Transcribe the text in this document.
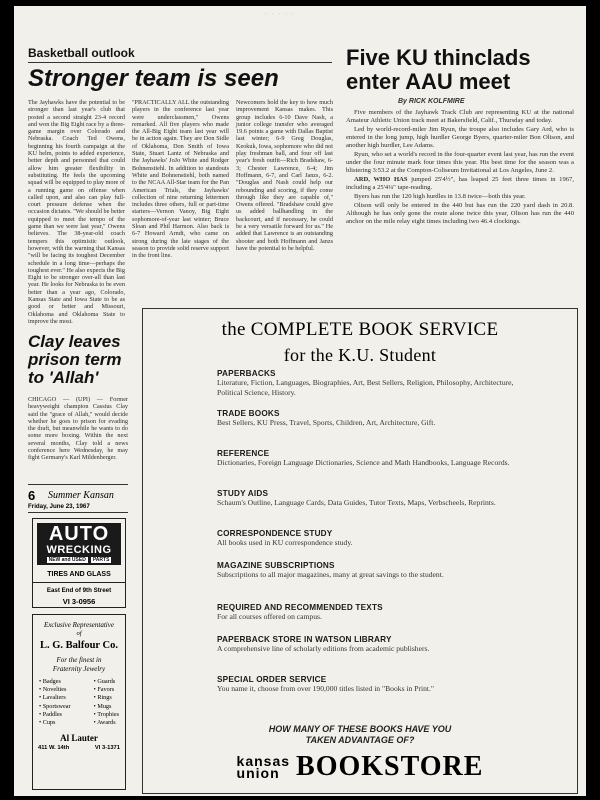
· · · · ·
Basketball outlook
Stronger team is seen
The Jayhawks have the potential to be stronger than last year's club that posted a second straight 23-4 record and won the Big Eight race by a three-game margin over Colorado and Nebraska. Coach Ted Owens, beginning his fourth campaign at the KU helm, points to added experience, better depth and personnel that could allow him greater flexibility in substituting. He feels the upcoming squad will be equipped to play more of a running game on offense when called upon, and also can play full-court pressure defense when the occasion dictates. "We should be better equipped to meet the tempo of the game than we were last year," Owens believes. The 38-year-old coach tempers this optimistic outlook, however, with the warning that Kansas "will be facing its toughest December schedule in a long time—perhaps the toughest ever." He also expects the Big Eight to be stronger over-all than last year. He looks for Nebraska to be even better than a year ago, Colorado, Kansas State and Iowa State to be as good or better and Missouri, Oklahoma and Oklahoma State to improve the most.
"PRACTICALLY ALL the outstanding players in the conference last year were underclassmen," Owens remarked. All five players who made the All-Big Eight team last year will be in action again. They are Don Sidle of Oklahoma, Don Smith of Iowa State, Stuart Lantz of Nebraska and the Jayhawks' JoJo White and Rodger Bohnenstiehl. In addition to standouts White and Bohnenstiehl, both named to the NCAA All-Star team for the Pan American Trials, the Jayhawks' collection of nine returning lettermen includes three others, full or part-time starters—Vernon Vanoy, Big Eight sophomore-of-year last winter; Bruce Sloan and Phil Harmon. Also back is 6-7 Howard Arndt, who came on strong during the late stages of the season to provide solid reserve support in the front line.
Newcomers hold the key to how much improvement Kansas makes. This group includes 6-10 Dave Nash, a junior college transfer who averaged 19.6 points a game with Dallas Baptist last winter; 6-9 Greg Douglas, Keokuk, Iowa, sophomore who did not play freshman ball, and four off last year's fresh outfit—Rich Bradshaw, 6-3; Chester Lawrence, 6-4; Jim Hoffmann, 6-7, and Carl Janzs, 6-2. "Douglas and Nash could help our rebounding and scoring, if they come through like they are capable of," Owens offered. "Bradshaw could give us added ballhandling in the backcourt, and if necessary, he could be a very versatile forward for us." He added that Lawrence is an outstanding shooter and both Hoffmann and Janzs have the potential to be helpful.
Five KU thinclads enter AAU meet
By RICK KOLFMIRE

Five members of the Jayhawk Track Club are representing KU at the national Amateur Athletic Union track meet at Bakersfield, Calif., Thursday and today.

Led by world-record-miler Jim Ryun, the troupe also includes Gary Ard, who is entered in the long jump, high hurdler George Byers, quarter-miler Bon Olison, and another high hurdler, Lee Adams.

Ryun, who set a world's record in the four-quarter event last year, has run the event under the four minute mark four times this year. His best time for the season was a blistering 3:53.2 at the Compton-Coliseum Invitational at Los Angeles, June 2.

ARD, WHO HAS jumped 25'4½", has leaped 25 feet three times in 1967, including a 25'4¼" tape-reading.

Byers has run the 120 high hurdles in 13.8 twice—both this year.

Olison will only be entered in the 440 but has run the 220 yard dash in 20.8. Although he has only gone the route alone twice this year, Olison has run the 440 anchor on the mile relay eight times including two 46.4 clockings.

Clay leaves prison term to 'Allah'
CHICAGO — (UPI) — Former heavyweight champion Cassius Clay said the "grace of Allah," would decide whether he goes to prison for evading the draft, but meanwhile he wants to do some more boxing. Within the next several months, Clay told a news conference here Wednesday, he may fight Germany's Karl Mildenberger.
6 Summer Kansan
Friday, June 23, 1967
AUTO
WRECKING
NEW and USED	PARTS
TIRES AND GLASS
East End of 9th Street
VI 3-0956
Exclusive Representative
of
L. G. Balfour Co.
For the finest in
Fraternity Jewelry
• Badges
• Novelties
• Lavaliers
• Sportswear
• Paddles
• Cups
• Guards
• Favors
• Rings
• Mugs
• Trophies
• Awards
Al Lauter
411 W. 14th	VI 3-1371
the COMPLETE BOOK SERVICE
for the K.U. Student
PAPERBACKS
Literature, Fiction, Languages, Biographies, Art, Best Sellers, Religion, Philosophy, Architecture, Political Science, History.
TRADE BOOKS
Best Sellers, KU Press, Travel, Sports, Children, Art, Architecture, Gift.
REFERENCE
Dictionaries, Foreign Language Dictionaries, Science and Math Handbooks, Language Records.
STUDY AIDS
Schaum's Outline, Language Cards, Data Guides, Tutor Texts, Maps, Verbscheels, Reprints.
CORRESPONDENCE STUDY
All books used in KU correspondence study.
MAGAZINE SUBSCRIPTIONS
Subscriptions to all major magazines, many at great savings to the student.
REQUIRED AND RECOMMENDED TEXTS
For all courses offered on campus.
PAPERBACK STORE IN WATSON LIBRARY
A comprehensive line of scholarly editions from academic publishers.
SPECIAL ORDER SERVICE
You name it, choose from over 190,000 titles listed in "Books in Print."
HOW MANY OF THESE BOOKS HAVE YOU
TAKEN ADVANTAGE OF?
kansas
union BOOKSTORE
